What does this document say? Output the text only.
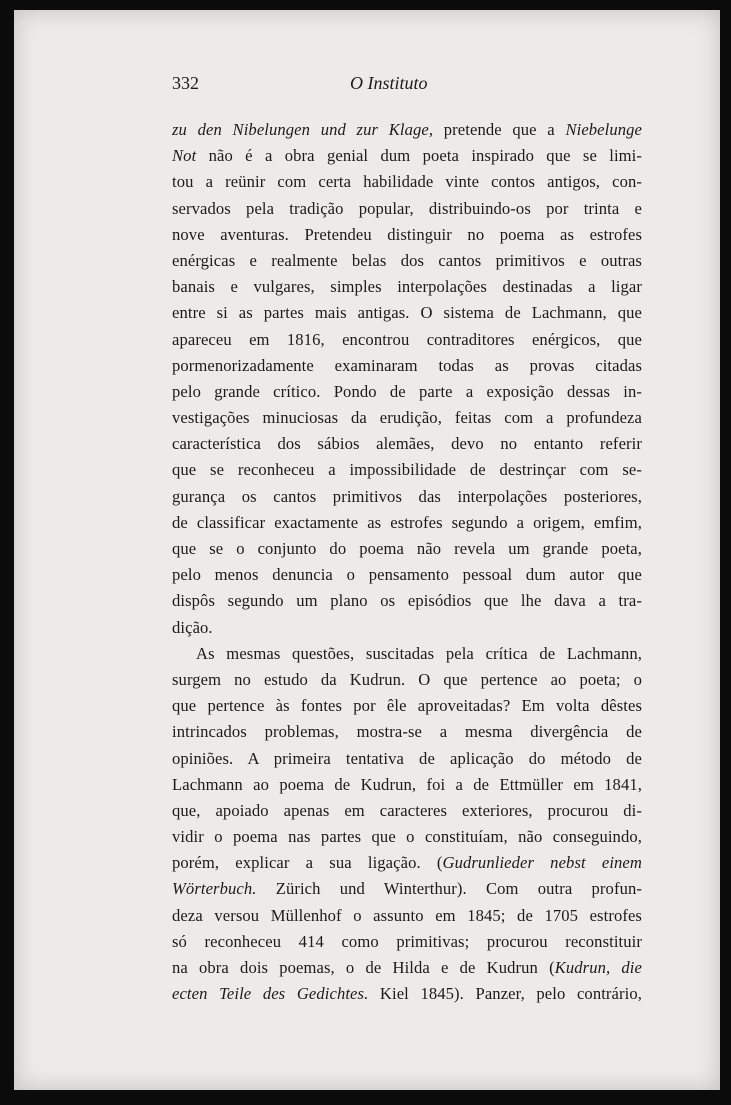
332	O Instituto
zu den Nibelungen und zur Klage, pretende que a Niebelunge
Not não é a obra genial dum poeta inspirado que se limi-
tou a reünir com certa habilidade vinte contos antigos, con-
servados pela tradição popular, distribuindo-os por trinta e
nove aventuras. Pretendeu distinguir no poema as estrofes
enérgicas e realmente belas dos cantos primitivos e outras
banais e vulgares, simples interpolações destinadas a ligar
entre si as partes mais antigas. O sistema de Lachmann, que
apareceu em 1816, encontrou contraditores enérgicos, que
pormenorizadamente examinaram todas as provas citadas
pelo grande crítico. Pondo de parte a exposição dessas in-
vestigações minuciosas da erudição, feitas com a profundeza
característica dos sábios alemães, devo no entanto referir
que se reconheceu a impossibilidade de destrinçar com se-
gurança os cantos primitivos das interpolações posteriores,
de classificar exactamente as estrofes segundo a origem, emfim,
que se o conjunto do poema não revela um grande poeta,
pelo menos denuncia o pensamento pessoal dum autor que
dispôs segundo um plano os episódios que lhe dava a tra-
dição.
As mesmas questões, suscitadas pela crítica de Lachmann,
surgem no estudo da Kudrun. O que pertence ao poeta; o
que pertence às fontes por êle aproveitadas? Em volta dêstes
intrincados problemas, mostra-se a mesma divergência de
opiniões. A primeira tentativa de aplicação do método de
Lachmann ao poema de Kudrun, foi a de Ettmüller em 1841,
que, apoiado apenas em caracteres exteriores, procurou di-
vidir o poema nas partes que o constituíam, não conseguindo,
porém, explicar a sua ligação. (Gudrunlieder nebst einem
Wörterbuch. Zürich und Winterthur). Com outra profun-
deza versou Müllenhof o assunto em 1845; de 1705 estrofes
só reconheceu 414 como primitivas; procurou reconstituir
na obra dois poemas, o de Hilda e de Kudrun (Kudrun, die
ecten Teile des Gedichtes. Kiel 1845). Panzer, pelo contrário,
